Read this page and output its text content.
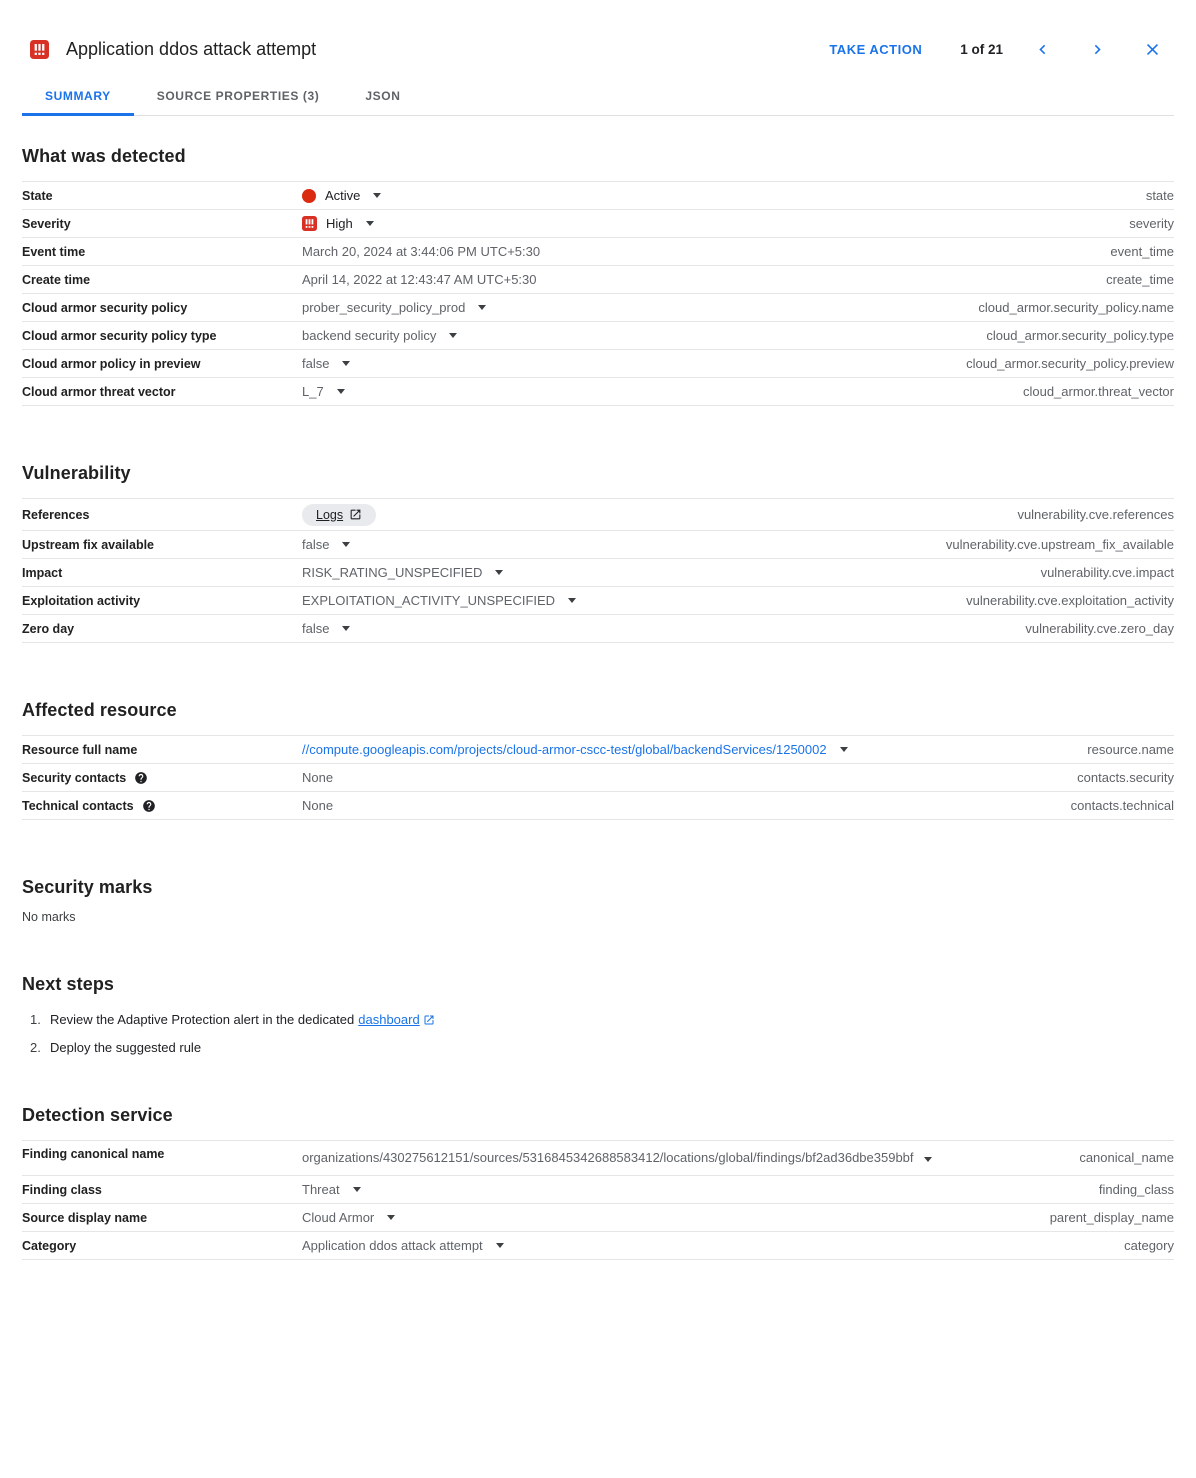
Application ddos attack attempt	TAKE ACTION	1 of 21
SUMMARY	SOURCE PROPERTIES (3)	JSON
What was detected
State	Active	state
Severity	High	severity
Event time	March 20, 2024 at 3:44:06 PM UTC+5:30	event_time
Create time	April 14, 2022 at 12:43:47 AM UTC+5:30	create_time
Cloud armor security policy	prober_security_policy_prod	cloud_armor.security_policy.name
Cloud armor security policy type	backend security policy	cloud_armor.security_policy.type
Cloud armor policy in preview	false	cloud_armor.security_policy.preview
Cloud armor threat vector	L_7	cloud_armor.threat_vector
Vulnerability
References	Logs	vulnerability.cve.references
Upstream fix available	false	vulnerability.cve.upstream_fix_available
Impact	RISK_RATING_UNSPECIFIED	vulnerability.cve.impact
Exploitation activity	EXPLOITATION_ACTIVITY_UNSPECIFIED	vulnerability.cve.exploitation_activity
Zero day	false	vulnerability.cve.zero_day
Affected resource
Resource full name	//compute.googleapis.com/projects/cloud-armor-cscc-test/global/backendServices/1250002	resource.name
Security contacts	None	contacts.security
Technical contacts	None	contacts.technical
Security marks
No marks
Next steps
1. Review the Adaptive Protection alert in the dedicated dashboard
2. Deploy the suggested rule
Detection service
Finding canonical name	organizations/430275612151/sources/5316845342688583412/locations/global/findings/bf2ad36dbe359bbf	canonical_name
Finding class	Threat	finding_class
Source display name	Cloud Armor	parent_display_name
Category	Application ddos attack attempt	category
